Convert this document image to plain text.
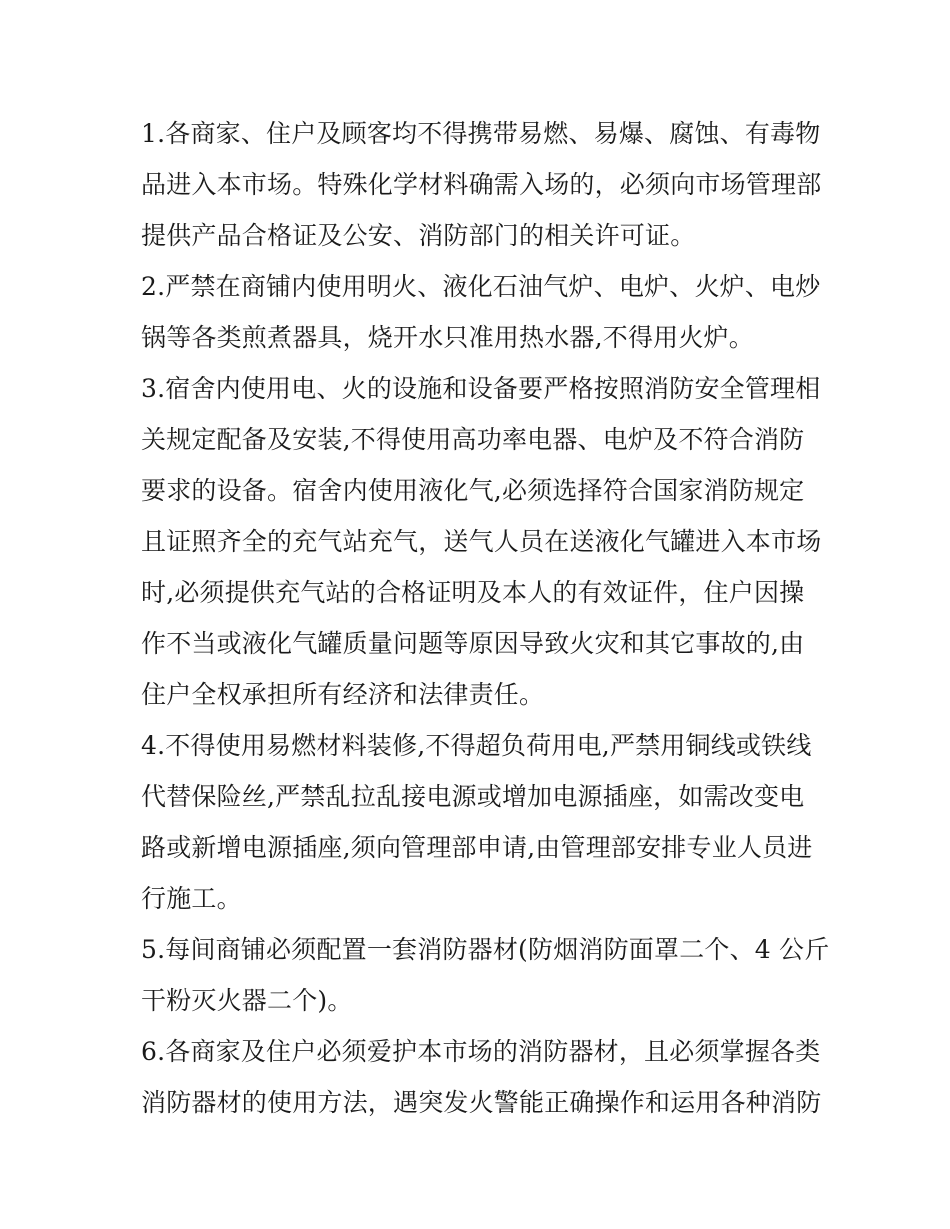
1.各商家、住户及顾客均不得携带易燃、易爆、腐蚀、有毒物
品进入本市场。特殊化学材料确需入场的，必须向市场管理部
提供产品合格证及公安、消防部门的相关许可证。
2.严禁在商铺内使用明火、液化石油气炉、电炉、火炉、电炒
锅等各类煎煮器具，烧开水只准用热水器,不得用火炉。
3.宿舍内使用电、火的设施和设备要严格按照消防安全管理相
关规定配备及安装,不得使用高功率电器、电炉及不符合消防
要求的设备。宿舍内使用液化气,必须选择符合国家消防规定
且证照齐全的充气站充气，送气人员在送液化气罐进入本市场
时,必须提供充气站的合格证明及本人的有效证件，住户因操
作不当或液化气罐质量问题等原因导致火灾和其它事故的,由
住户全权承担所有经济和法律责任。
4.不得使用易燃材料装修,不得超负荷用电,严禁用铜线或铁线
代替保险丝,严禁乱拉乱接电源或增加电源插座，如需改变电
路或新增电源插座,须向管理部申请,由管理部安排专业人员进
行施工。
5.每间商铺必须配置一套消防器材(防烟消防面罩二个、4 公斤
干粉灭火器二个)。
6.各商家及住户必须爱护本市场的消防器材，且必须掌握各类
消防器材的使用方法，遇突发火警能正确操作和运用各种消防
